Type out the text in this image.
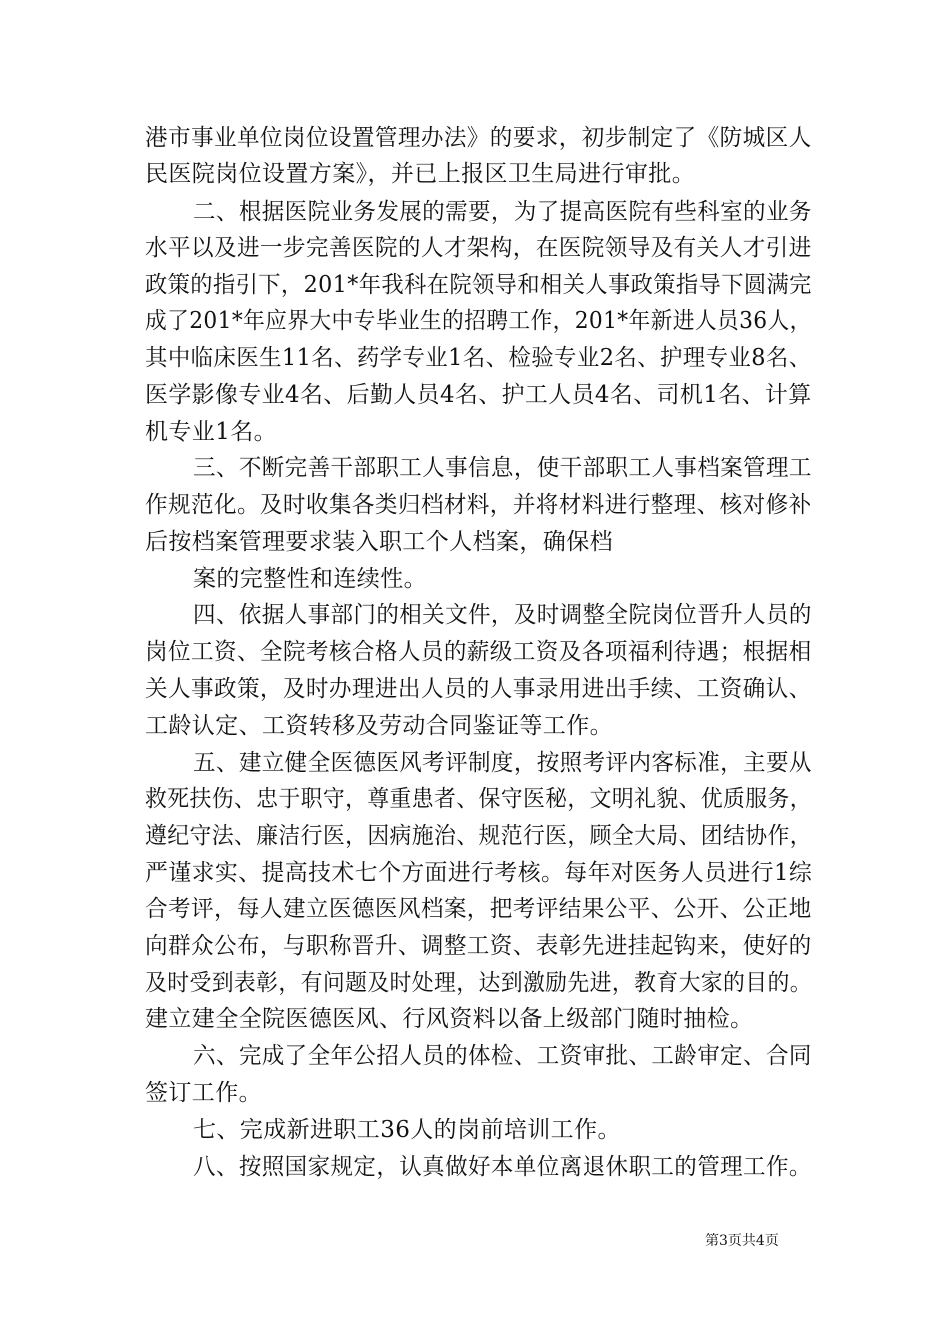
港市事业单位岗位设置管理办法》的要求，初步制定了《防城区人
民医院岗位设置方案》，并已上报区卫生局进行审批。
二、根据医院业务发展的需要，为了提高医院有些科室的业务
水平以及进一步完善医院的人才架构，在医院领导及有关人才引进
政策的指引下，201*年我科在院领导和相关人事政策指导下圆满完
成了201*年应界大中专毕业生的招聘工作，201*年新进人员36人，
其中临床医生11名、药学专业1名、检验专业2名、护理专业8名、
医学影像专业4名、后勤人员4名、护工人员4名、司机1名、计算
机专业1名。
三、不断完善干部职工人事信息，使干部职工人事档案管理工
作规范化。及时收集各类归档材料，并将材料进行整理、核对修补
后按档案管理要求装入职工个人档案，确保档
案的完整性和连续性。
四、依据人事部门的相关文件，及时调整全院岗位晋升人员的
岗位工资、全院考核合格人员的薪级工资及各项福利待遇；根据相
关人事政策，及时办理进出人员的人事录用进出手续、工资确认、
工龄认定、工资转移及劳动合同鉴证等工作。
五、建立健全医德医风考评制度，按照考评内客标准，主要从
救死扶伤、忠于职守，尊重患者、保守医秘，文明礼貌、优质服务，
遵纪守法、廉洁行医，因病施治、规范行医，顾全大局、团结协作，
严谨求实、提高技术七个方面进行考核。每年对医务人员进行1综
合考评，每人建立医德医风档案，把考评结果公平、公开、公正地
向群众公布，与职称晋升、调整工资、表彰先进挂起钩来，使好的
及时受到表彰，有问题及时处理，达到激励先进，教育大家的目的。
建立建全全院医德医风、行风资料以备上级部门随时抽检。
六、完成了全年公招人员的体检、工资审批、工龄审定、合同
签订工作。
七、完成新进职工36人的岗前培训工作。
八、按照国家规定，认真做好本单位离退休职工的管理工作。
第3页共4页
